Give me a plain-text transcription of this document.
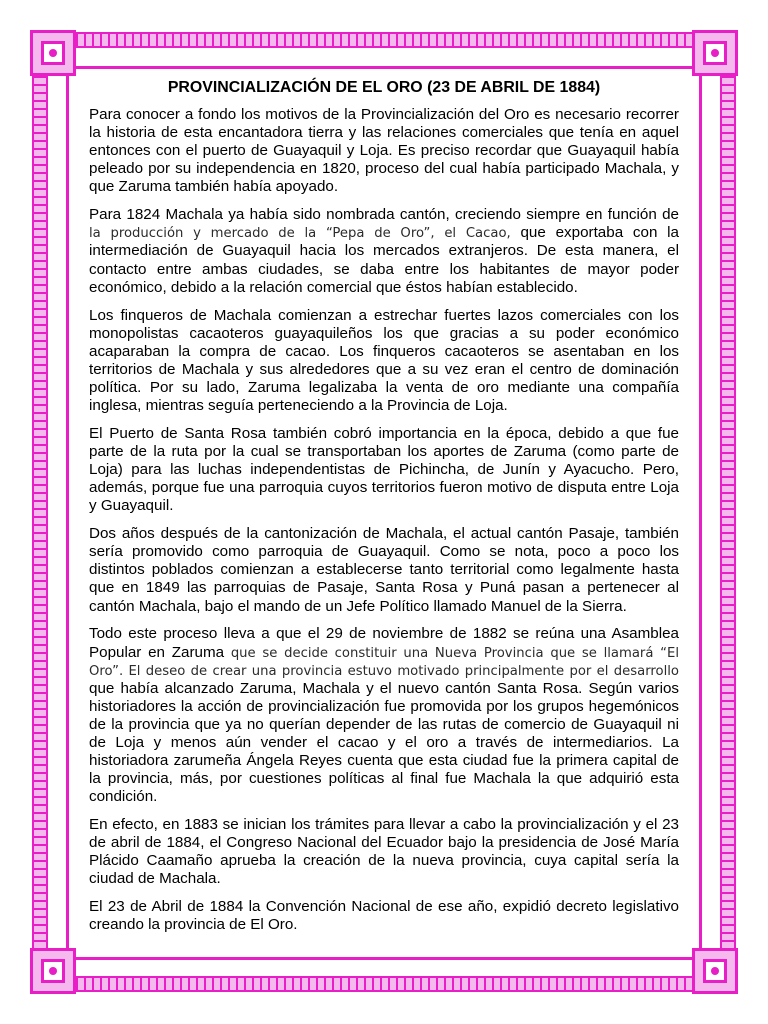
PROVINCIALIZACIÓN DE EL ORO (23 DE ABRIL DE 1884)

Para conocer a fondo los motivos de la Provincialización del Oro es necesario recorrer la historia de esta encantadora tierra y las relaciones comerciales que tenía en aquel entonces con el puerto de Guayaquil y Loja. Es preciso recordar que Guayaquil había peleado por su independencia en 1820, proceso del cual había participado Machala, y que Zaruma también había apoyado.

Para 1824 Machala ya había sido nombrada cantón, creciendo siempre en función de la producción y mercado de la “Pepa de Oro”, el Cacao, que exportaba con la intermediación de Guayaquil hacia los mercados extranjeros. De esta manera, el contacto entre ambas ciudades, se daba entre los habitantes de mayor poder económico, debido a la relación comercial que éstos habían establecido.

Los finqueros de Machala comienzan a estrechar fuertes lazos comerciales con los monopolistas cacaoteros guayaquileños los que gracias a su poder económico acaparaban la compra de cacao. Los finqueros cacaoteros se asentaban en los territorios de Machala y sus alrededores que a su vez eran el centro de dominación política. Por su lado, Zaruma legalizaba la venta de oro mediante una compañía inglesa, mientras seguía perteneciendo a la Provincia de Loja.

El Puerto de Santa Rosa también cobró importancia en la época, debido a que fue parte de la ruta por la cual se transportaban los aportes de Zaruma (como parte de Loja) para las luchas independentistas de Pichincha, de Junín y Ayacucho. Pero, además, porque fue una parroquia cuyos territorios fueron motivo de disputa entre Loja y Guayaquil.

Dos años después de la cantonización de Machala, el actual cantón Pasaje, también sería promovido como parroquia de Guayaquil. Como se nota, poco a poco los distintos poblados comienzan a establecerse tanto territorial como legalmente hasta que en 1849 las parroquias de Pasaje, Santa Rosa y Puná pasan a pertenecer al cantón Machala, bajo el mando de un Jefe Político llamado Manuel de la Sierra.

Todo este proceso lleva a que el 29 de noviembre de 1882 se reúna una Asamblea Popular en Zaruma que se decide constituir una Nueva Provincia que se llamará “El Oro”. El deseo de crear una provincia estuvo motivado principalmente por el desarrollo que había alcanzado Zaruma, Machala y el nuevo cantón Santa Rosa. Según varios historiadores la acción de provincialización fue promovida por los grupos hegemónicos de la provincia que ya no querían depender de las rutas de comercio de Guayaquil ni de Loja y menos aún vender el cacao y el oro a través de intermediarios. La historiadora zarumeña Ángela Reyes cuenta que esta ciudad fue la primera capital de la provincia, más, por cuestiones políticas al final fue Machala la que adquirió esta condición.

En efecto, en 1883 se inician los trámites para llevar a cabo la provincialización y el 23 de abril de 1884, el Congreso Nacional del Ecuador bajo la presidencia de José María Plácido Caamaño aprueba la creación de la nueva provincia, cuya capital sería la ciudad de Machala.

El 23 de Abril de 1884 la Convención Nacional de ese año, expidió decreto legislativo creando la provincia de El Oro.
